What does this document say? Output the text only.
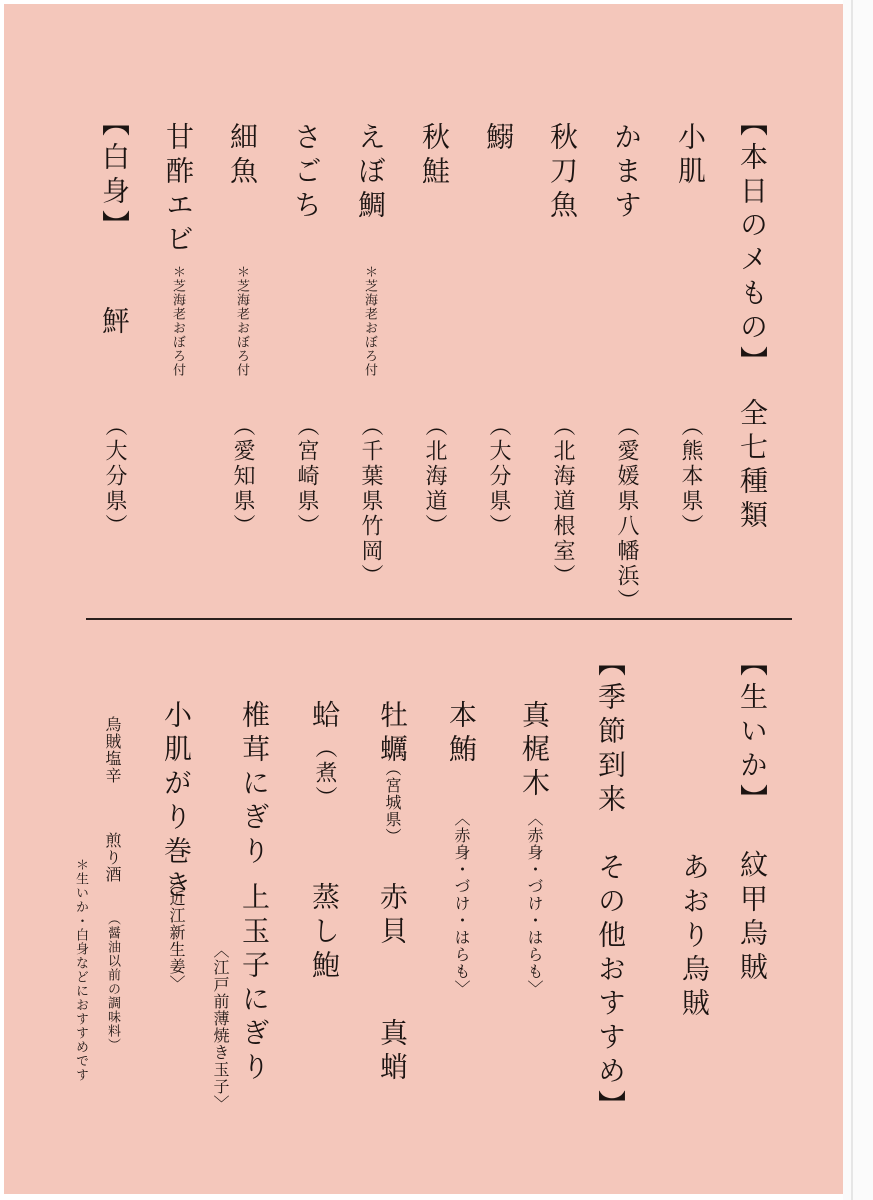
【本日のメもの】
全七種類
小肌
（熊本県）
かます
（愛媛県八幡浜）
秋刀魚
（北海道根室）
鰯
（大分県）
秋鮭
（北海道）
えぼ鯛
＊芝海老おぼろ付
（千葉県竹岡）
さごち
（宮崎県）
細魚
＊芝海老おぼろ付
（愛知県）
甘酢エビ
＊芝海老おぼろ付
【白身】
鮃
（大分県）
【生いか】
紋甲烏賊
あおり烏賊
【季節到来　その他おすすめ】
真梶木
〈赤身・づけ・はらも〉
本鮪
〈赤身・づけ・はらも〉
牡蠣
（宮城県）
赤貝
真蛸
蛤
（煮）
蒸し鮑
椎茸にぎり
上玉子にぎり
〈江戸前薄焼き玉子〉
小肌がり巻き
〈近江新生姜〉
烏賊塩辛
煎り酒
（醤油以前の調味料）
＊生いか・白身などにおすすめです
